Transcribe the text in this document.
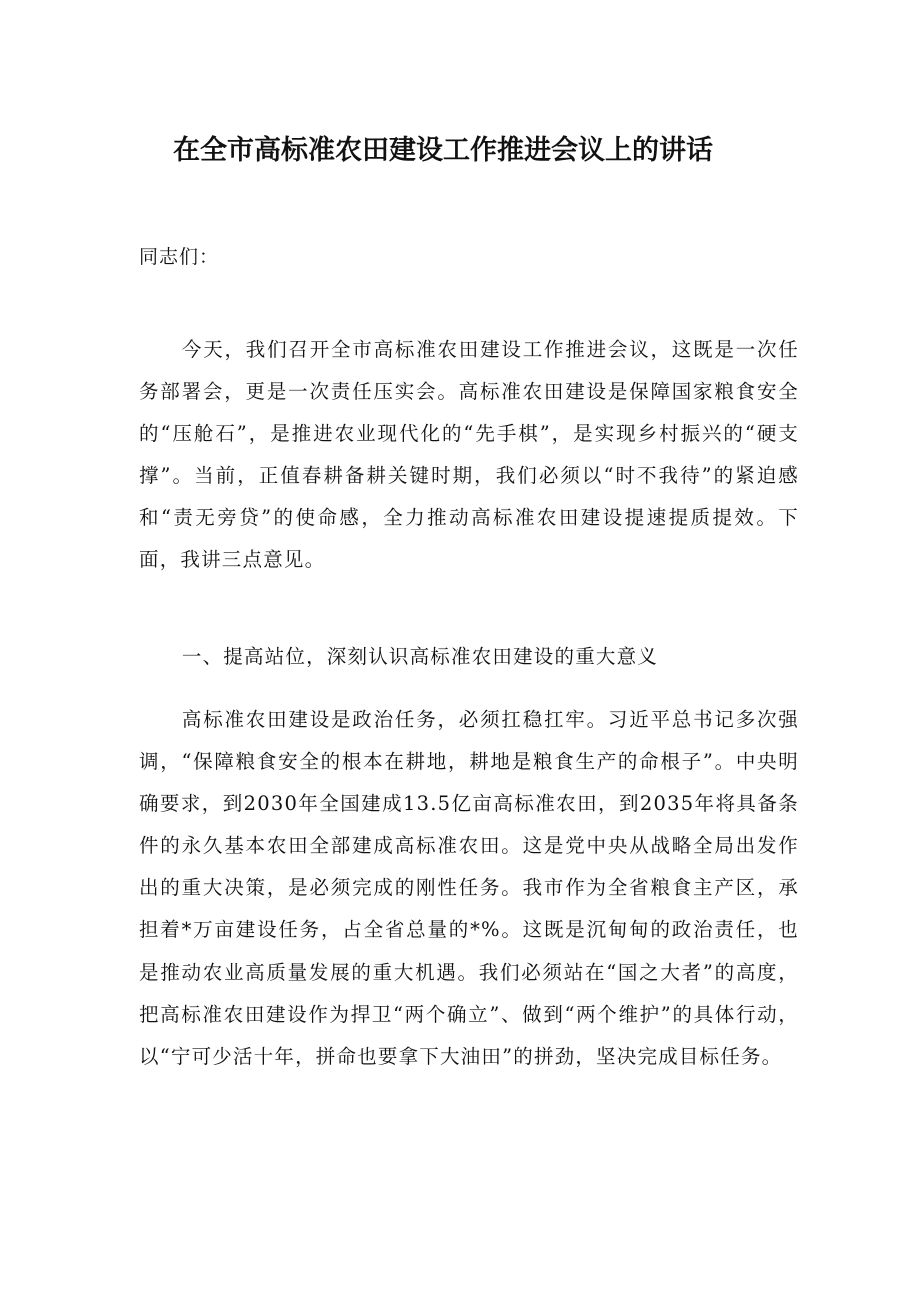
在全市高标准农田建设工作推进会议上的讲话
同志们：

今天，我们召开全市高标准农田建设工作推进会议，这既是一次任务部署会，更是一次责任压实会。高标准农田建设是保障国家粮食安全的“压舱石”，是推进农业现代化的“先手棋”，是实现乡村振兴的“硬支撑”。当前，正值春耕备耕关键时期，我们必须以“时不我待”的紧迫感和“责无旁贷”的使命感，全力推动高标准农田建设提速提质提效。下面，我讲三点意见。

一、提高站位，深刻认识高标准农田建设的重大意义

高标准农田建设是政治任务，必须扛稳扛牢。习近平总书记多次强调，“保障粮食安全的根本在耕地，耕地是粮食生产的命根子”。中央明确要求，到2030年全国建成13.5亿亩高标准农田，到2035年将具备条件的永久基本农田全部建成高标准农田。这是党中央从战略全局出发作出的重大决策，是必须完成的刚性任务。我市作为全省粮食主产区，承担着*万亩建设任务，占全省总量的*%。这既是沉甸甸的政治责任，也是推动农业高质量发展的重大机遇。我们必须站在“国之大者”的高度，把高标准农田建设作为捍卫“两个确立”、做到“两个维护”的具体行动，以“宁可少活十年，拼命也要拿下大油田”的拼劲，坚决完成目标任务。
